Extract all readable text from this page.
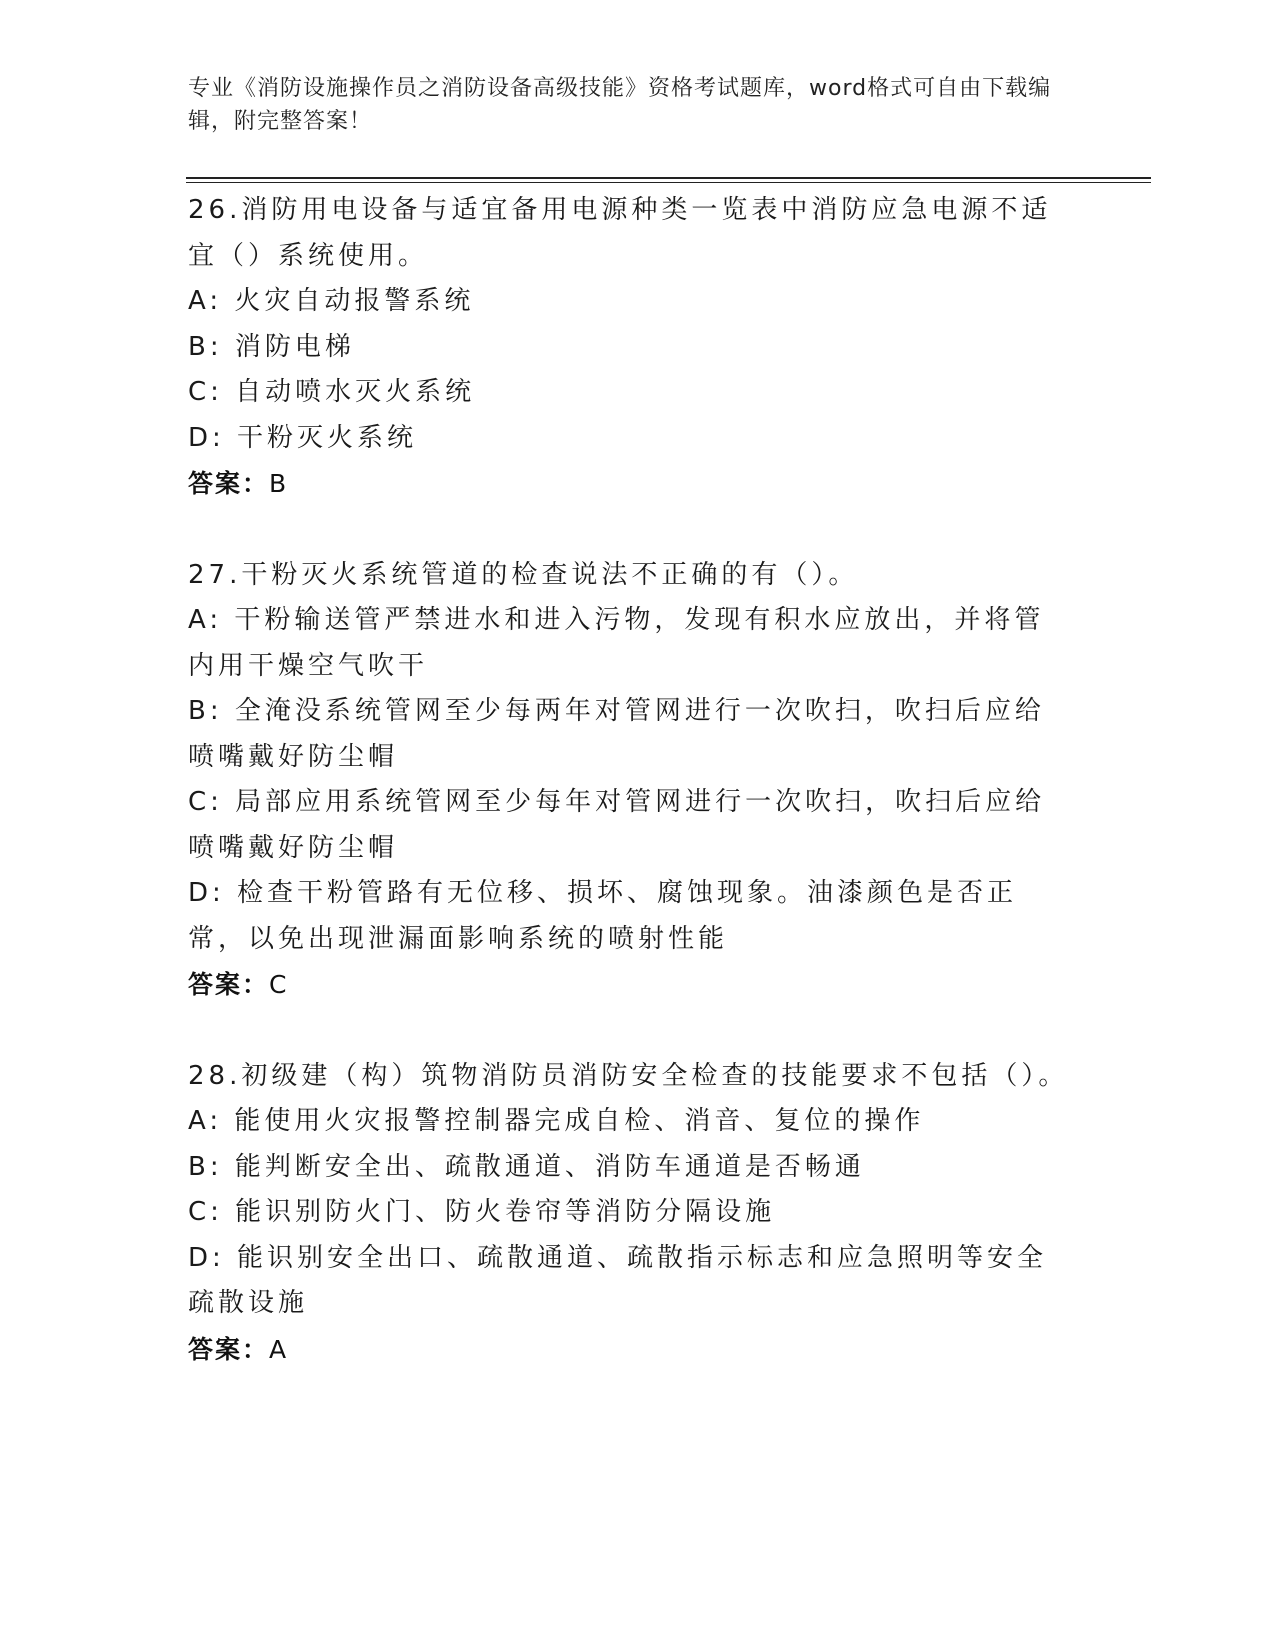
专业《消防设施操作员之消防设备高级技能》资格考试题库，word格式可自由下载编辑，附完整答案！
26.消防用电设备与适宜备用电源种类一览表中消防应急电源不适宜（）系统使用。
A: 火灾自动报警系统
B: 消防电梯
C: 自动喷水灭火系统
D: 干粉灭火系统
答案：B
27.干粉灭火系统管道的检查说法不正确的有（）。
A: 干粉输送管严禁进水和进入污物，发现有积水应放出，并将管内用干燥空气吹干
B: 全淹没系统管网至少每两年对管网进行一次吹扫，吹扫后应给喷嘴戴好防尘帽
C: 局部应用系统管网至少每年对管网进行一次吹扫，吹扫后应给喷嘴戴好防尘帽
D: 检查干粉管路有无位移、损坏、腐蚀现象。油漆颜色是否正常，以免出现泄漏面影响系统的喷射性能
答案：C
28.初级建（构）筑物消防员消防安全检查的技能要求不包括（）。
A: 能使用火灾报警控制器完成自检、消音、复位的操作
B: 能判断安全出、疏散通道、消防车通道是否畅通
C: 能识别防火门、防火卷帘等消防分隔设施
D: 能识别安全出口、疏散通道、疏散指示标志和应急照明等安全疏散设施
答案：A
